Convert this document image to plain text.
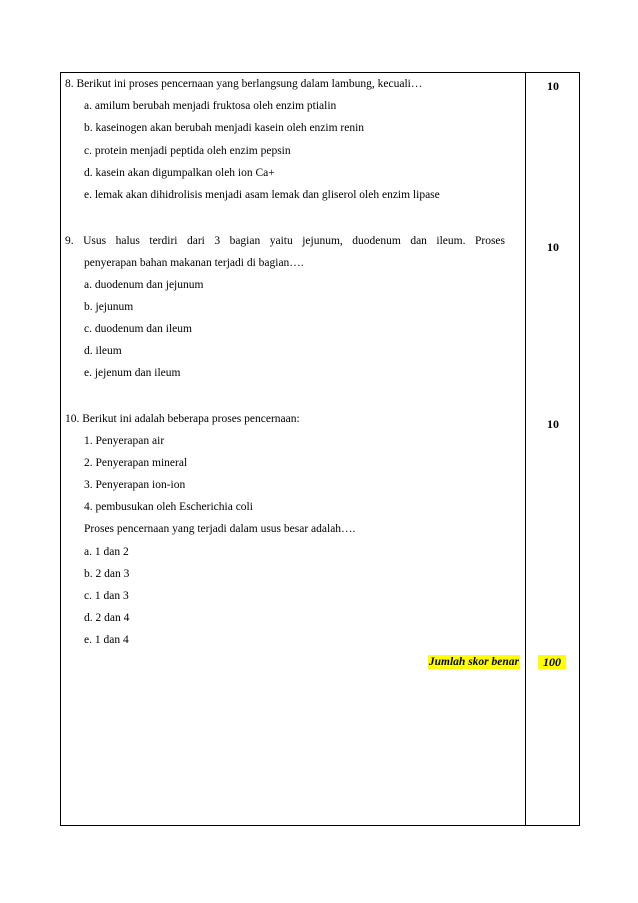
8. Berikut ini proses pencernaan yang berlangsung dalam lambung, kecuali…
a. amilum berubah menjadi fruktosa oleh enzim ptialin
b. kaseinogen akan berubah menjadi kasein oleh enzim renin
c. protein menjadi peptida oleh enzim pepsin
d. kasein akan digumpalkan oleh ion Ca+
e. lemak akan dihidrolisis menjadi asam lemak dan gliserol oleh enzim lipase
10
9. Usus halus terdiri dari 3 bagian yaitu jejunum, duodenum dan ileum. Proses
penyerapan bahan makanan terjadi di bagian….
a. duodenum dan jejunum
b. jejunum
c. duodenum dan ileum
d. ileum
e. jejenum dan ileum
10
10. Berikut ini adalah beberapa proses pencernaan:
1. Penyerapan air
2. Penyerapan mineral
3. Penyerapan ion-ion
4. pembusukan oleh Escherichia coli
Proses pencernaan yang terjadi dalam usus besar adalah….
a. 1 dan 2
b. 2 dan 3
c. 1 dan 3
d. 2 dan 4
e. 1 dan 4
10
Jumlah skor benar	100
